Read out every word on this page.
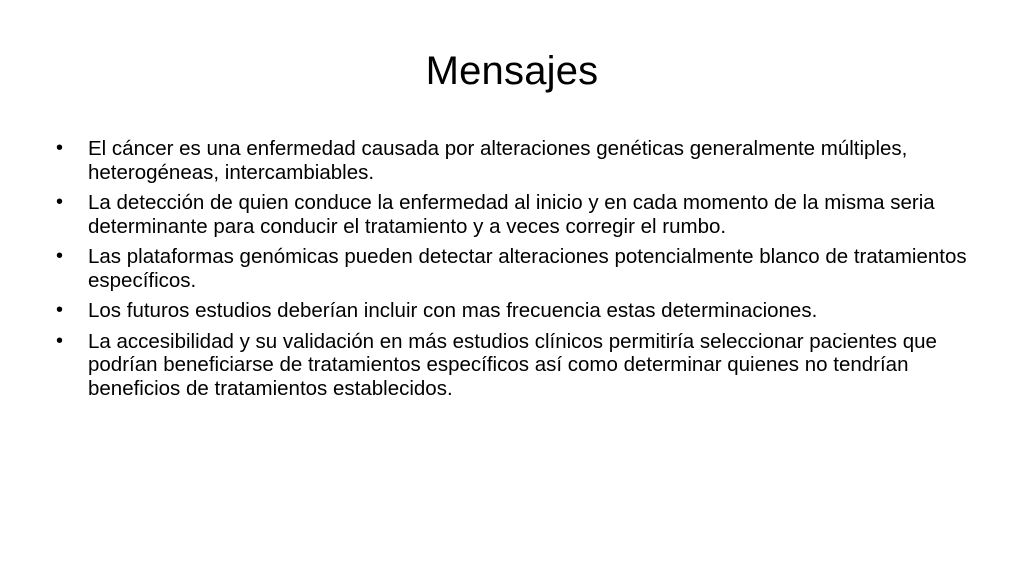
Mensajes
• El cáncer es una enfermedad causada por alteraciones genéticas generalmente múltiples, heterogéneas, intercambiables.
• La detección de quien conduce la enfermedad al inicio y en cada momento de la misma seria determinante para conducir el tratamiento y a veces corregir el rumbo.
• Las plataformas genómicas pueden detectar alteraciones potencialmente blanco de tratamientos específicos.
• Los futuros estudios deberían incluir con mas frecuencia estas determinaciones.
• La accesibilidad y su validación en más estudios clínicos permitiría seleccionar pacientes que podrían beneficiarse de tratamientos específicos así como determinar quienes no tendrían beneficios de tratamientos establecidos.
